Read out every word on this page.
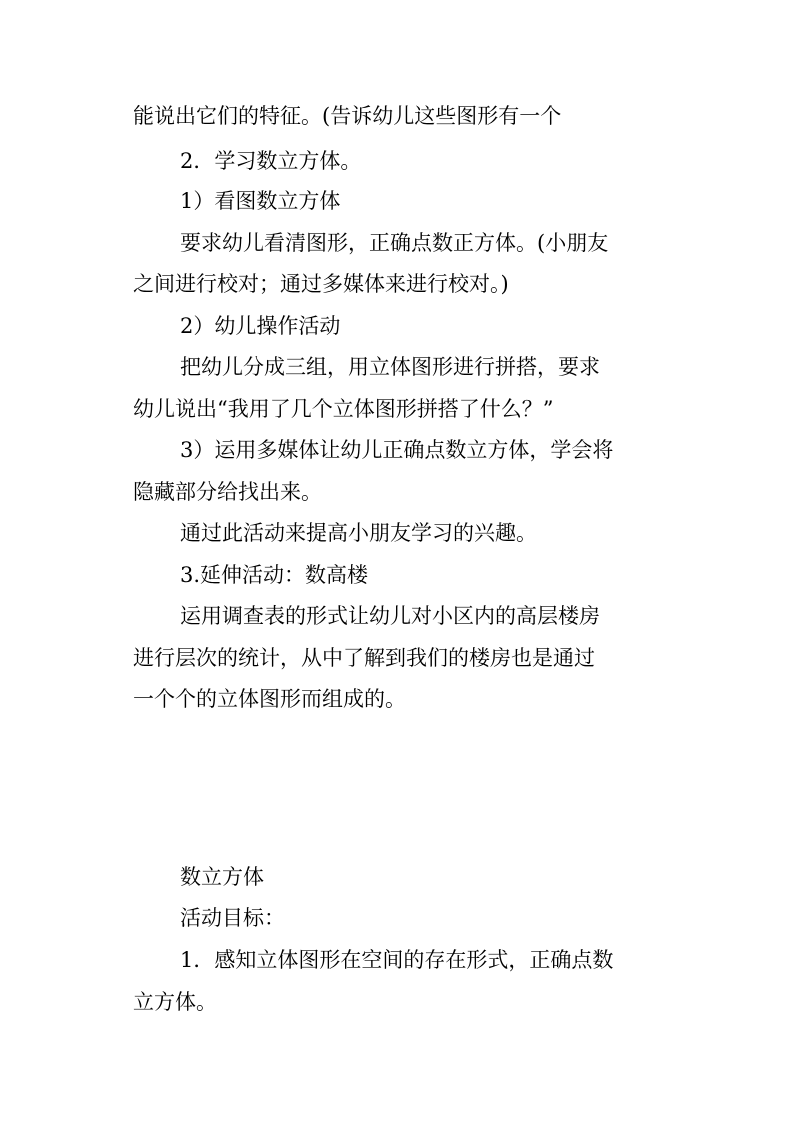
能说出它们的特征。(告诉幼儿这些图形有一个
2．学习数立方体。
1）看图数立方体
要求幼儿看清图形，正确点数正方体。(小朋友
之间进行校对；通过多媒体来进行校对。)
2）幼儿操作活动
把幼儿分成三组，用立体图形进行拼搭，要求
幼儿说出“我用了几个立体图形拼搭了什么？”
3）运用多媒体让幼儿正确点数立方体，学会将
隐藏部分给找出来。
通过此活动来提高小朋友学习的兴趣。
3.延伸活动：数高楼
运用调查表的形式让幼儿对小区内的高层楼房
进行层次的统计，从中了解到我们的楼房也是通过
一个个的立体图形而组成的。
数立方体
活动目标：
1．感知立体图形在空间的存在形式，正确点数
立方体。
